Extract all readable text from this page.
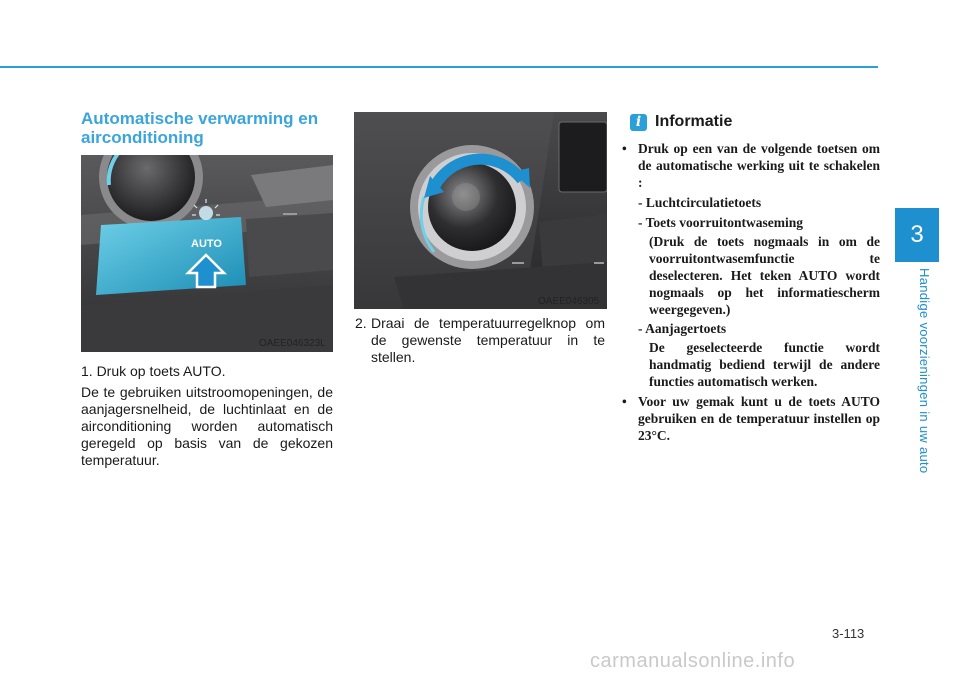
Automatische verwarming en airconditioning
AUTO
OAEE046323L
1. Druk op toets AUTO.
De te gebruiken uitstroomopeningen, de aanjagersnelheid, de luchtinlaat en de airconditioning worden automatisch geregeld op basis van de gekozen temperatuur.
OAEE046305
2. Draai de temperatuurregelknop om de gewenste temperatuur in te stellen.
i Informatie
• Druk op een van de volgende toetsen om de automatische werking uit te schakelen :

- Luchtcirculatietoets

- Toets voorruitontwaseming

(Druk de toets nogmaals in om de voorruitontwasemfunctie te deselecteren. Het teken AUTO wordt nogmaals op het informatiescherm weergegeven.)

- Aanjagertoets

De geselecteerde functie wordt handmatig bediend terwijl de andere functies automatisch werken.

• Voor uw gemak kunt u de toets AUTO gebruiken en de temperatuur instellen op 23°C.
3
Handige voorzieningen in uw auto
3-113
carmanualsonline.info
